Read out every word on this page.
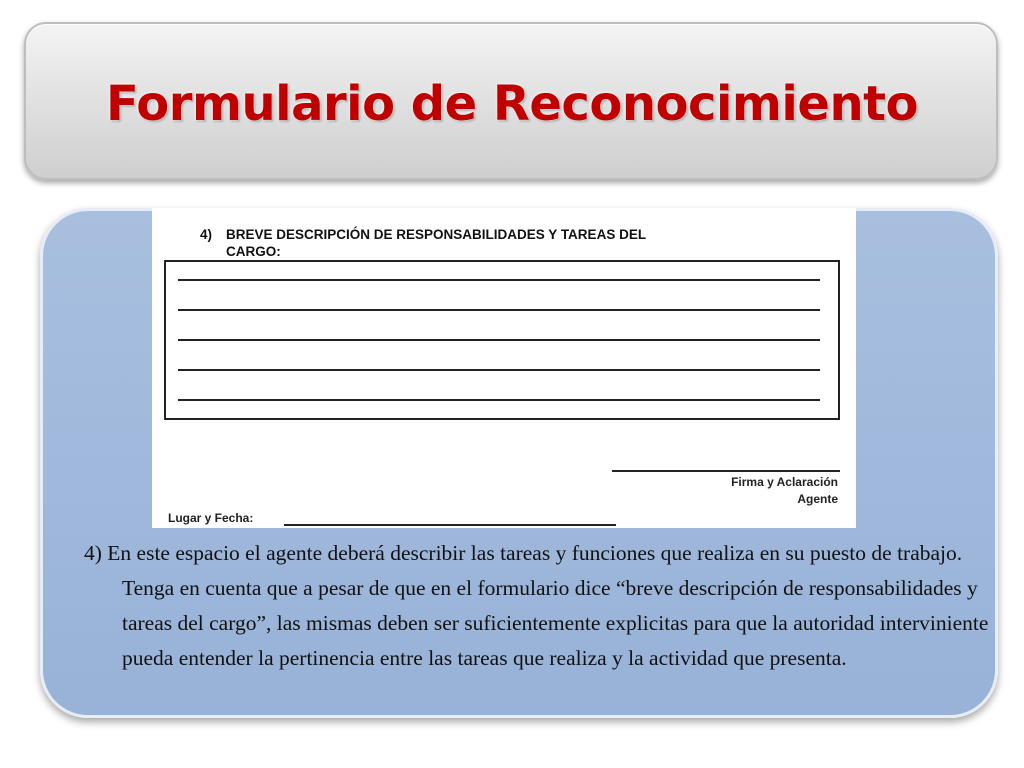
Formulario de Reconocimiento
4) BREVE DESCRIPCIÓN DE RESPONSABILIDADES Y TAREAS DEL
CARGO:
Firma y Aclaración
Agente
Lugar y Fecha:
4) En este espacio el agente deberá describir las tareas y funciones que realiza en su puesto de trabajo. Tenga en cuenta que a pesar de que en el formulario dice “breve descripción de responsabilidades y tareas del cargo”, las mismas deben ser suficientemente explicitas para que la autoridad interviniente pueda entender la pertinencia entre las tareas que realiza y la actividad que presenta.
